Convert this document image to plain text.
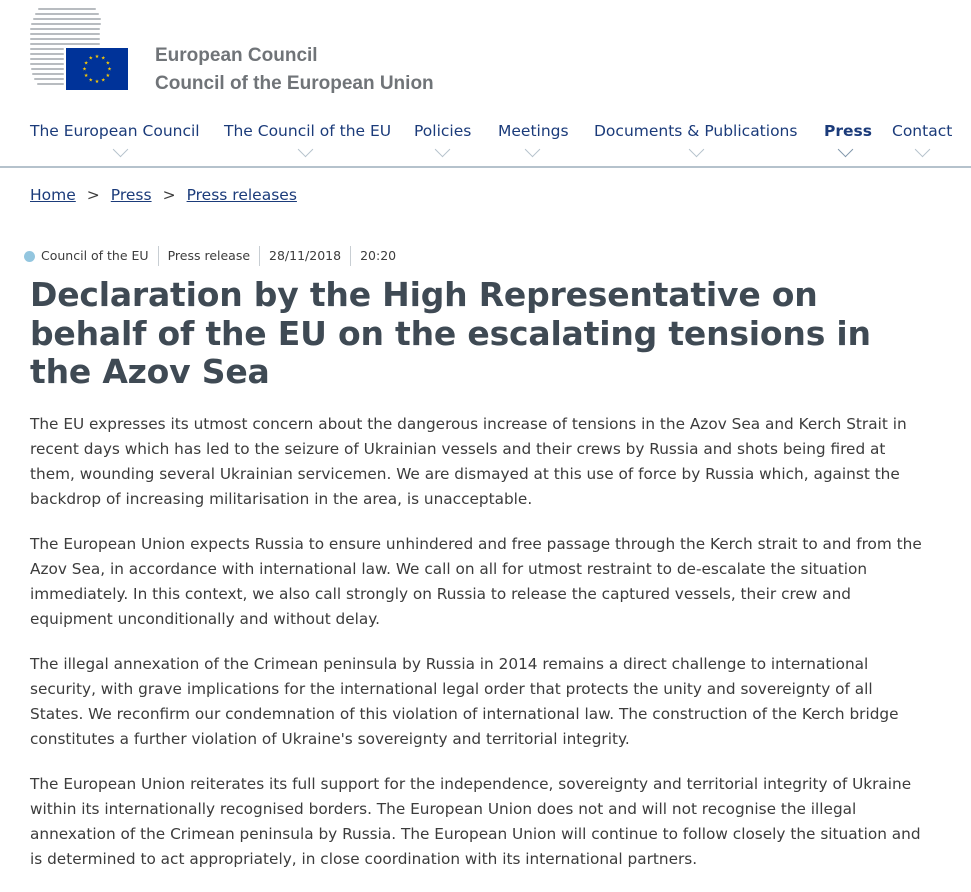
★ ★
★
★
★
★
★
★
★
★
★
★	European Council
Council of the European Union
The European Council The Council of the EU Policies Meetings Documents & Publications Press Contact
Home > Press > Press releases
Council of the EU	Press release	28/11/2018	20:20
Declaration by the High Representative on behalf of the EU on the escalating tensions in the Azov Sea

The EU expresses its utmost concern about the dangerous increase of tensions in the Azov Sea and Kerch Strait in recent days which has led to the seizure of Ukrainian vessels and their crews by Russia and shots being fired at them, wounding several Ukrainian servicemen. We are dismayed at this use of force by Russia which, against the backdrop of increasing militarisation in the area, is unacceptable.

The European Union expects Russia to ensure unhindered and free passage through the Kerch strait to and from the Azov Sea, in accordance with international law. We call on all for utmost restraint to de-escalate the situation immediately. In this context, we also call strongly on Russia to release the captured vessels, their crew and equipment unconditionally and without delay.

The illegal annexation of the Crimean peninsula by Russia in 2014 remains a direct challenge to international security, with grave implications for the international legal order that protects the unity and sovereignty of all States. We reconfirm our condemnation of this violation of international law. The construction of the Kerch bridge constitutes a further violation of Ukraine's sovereignty and territorial integrity.

The European Union reiterates its full support for the independence, sovereignty and territorial integrity of Ukraine within its internationally recognised borders. The European Union does not and will not recognise the illegal annexation of the Crimean peninsula by Russia. The European Union will continue to follow closely the situation and is determined to act appropriately, in close coordination with its international partners.
